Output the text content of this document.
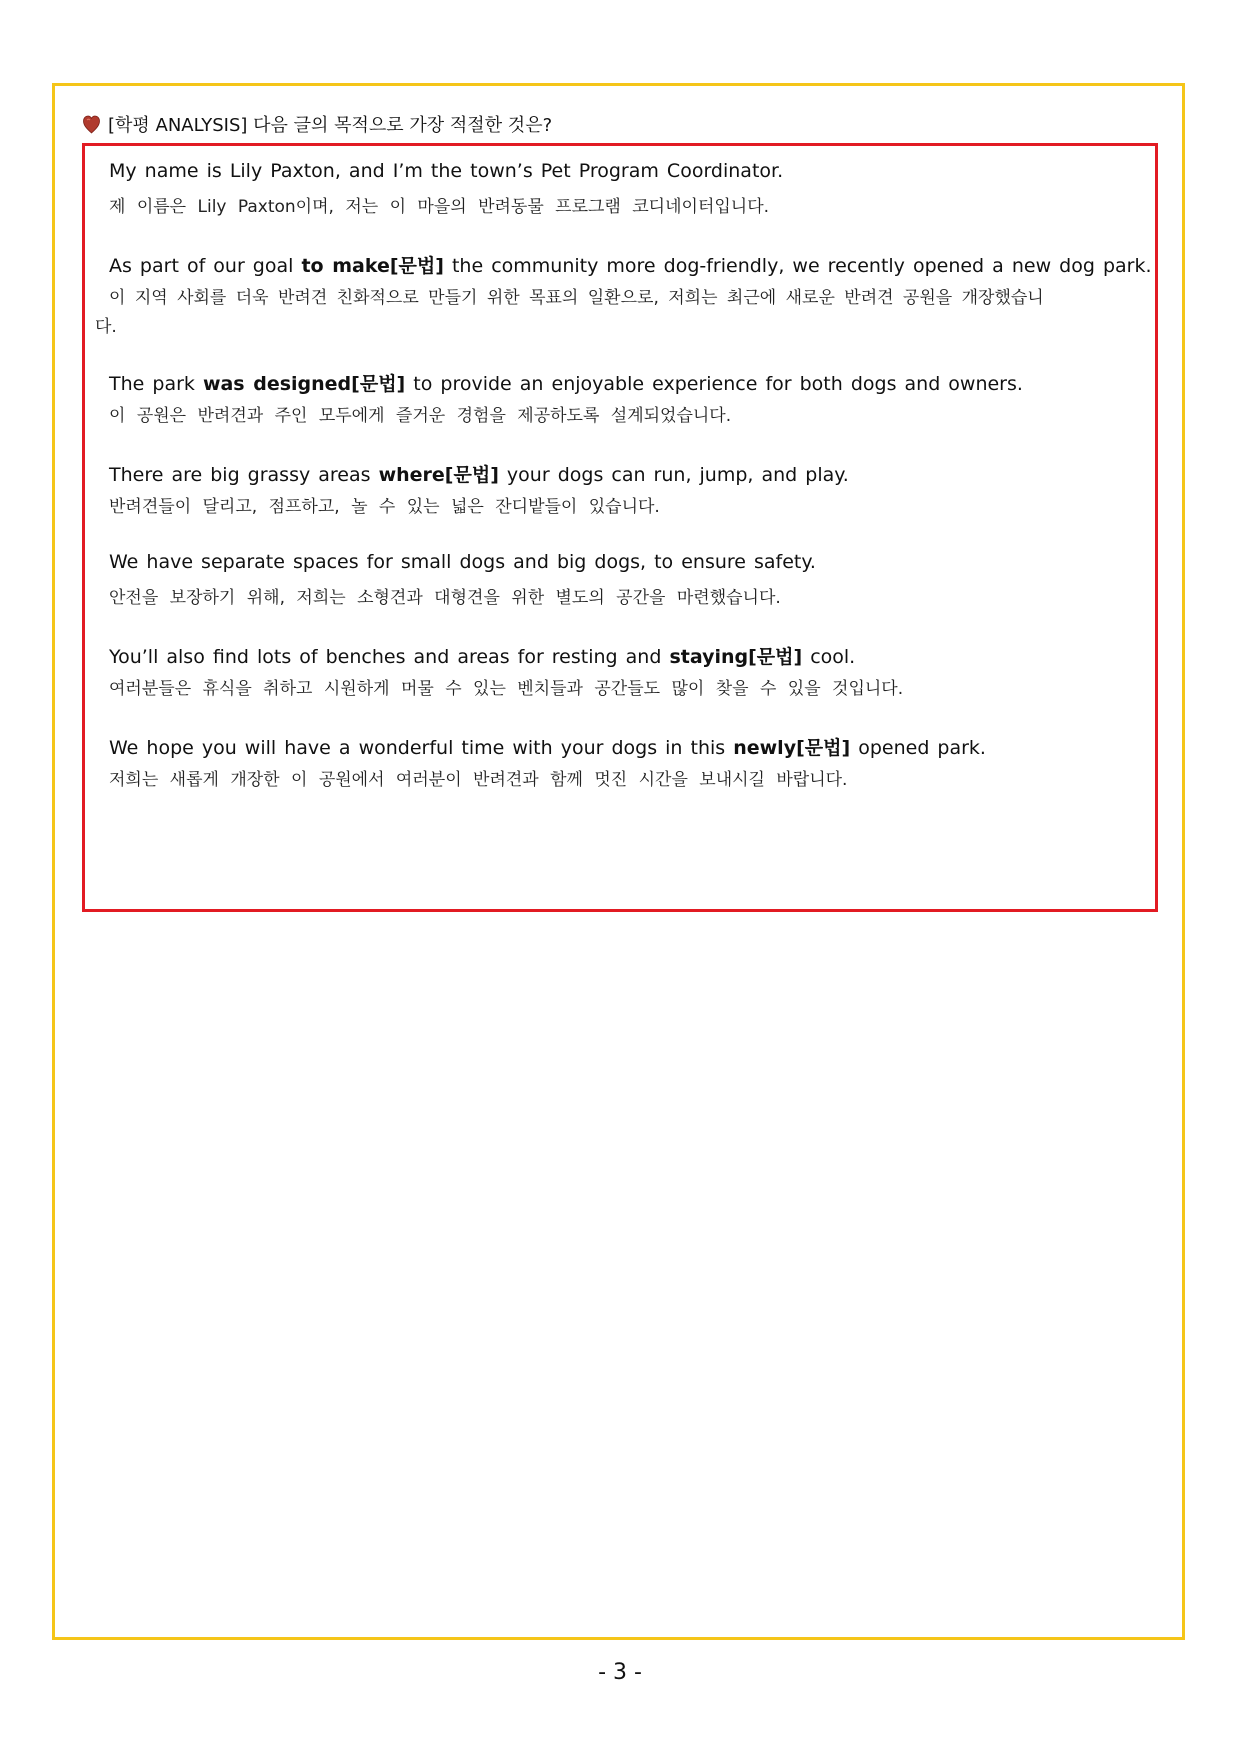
[학평 ANALYSIS] 다음 글의 목적으로 가장 적절한 것은?
My name is Lily Paxton, and I’m the town’s Pet Program Coordinator.
제 이름은 Lily Paxton이며, 저는 이 마을의 반려동물 프로그램 코디네이터입니다.
As part of our goal to make[문법] the community more dog-friendly, we recently opened a new dog park.
이 지역 사회를 더욱 반려견 친화적으로 만들기 위한 목표의 일환으로, 저희는 최근에 새로운 반려견 공원을 개장했습니
다.
The park was designed[문법] to provide an enjoyable experience for both dogs and owners.
이 공원은 반려견과 주인 모두에게 즐거운 경험을 제공하도록 설계되었습니다.
There are big grassy areas where[문법] your dogs can run, jump, and play.
반려견들이 달리고, 점프하고, 놀 수 있는 넓은 잔디밭들이 있습니다.
We have separate spaces for small dogs and big dogs, to ensure safety.
안전을 보장하기 위해, 저희는 소형견과 대형견을 위한 별도의 공간을 마련했습니다.
You’ll also find lots of benches and areas for resting and staying[문법] cool.
여러분들은 휴식을 취하고 시원하게 머물 수 있는 벤치들과 공간들도 많이 찾을 수 있을 것입니다.
We hope you will have a wonderful time with your dogs in this newly[문법] opened park.
저희는 새롭게 개장한 이 공원에서 여러분이 반려견과 함께 멋진 시간을 보내시길 바랍니다.
- 3 -
